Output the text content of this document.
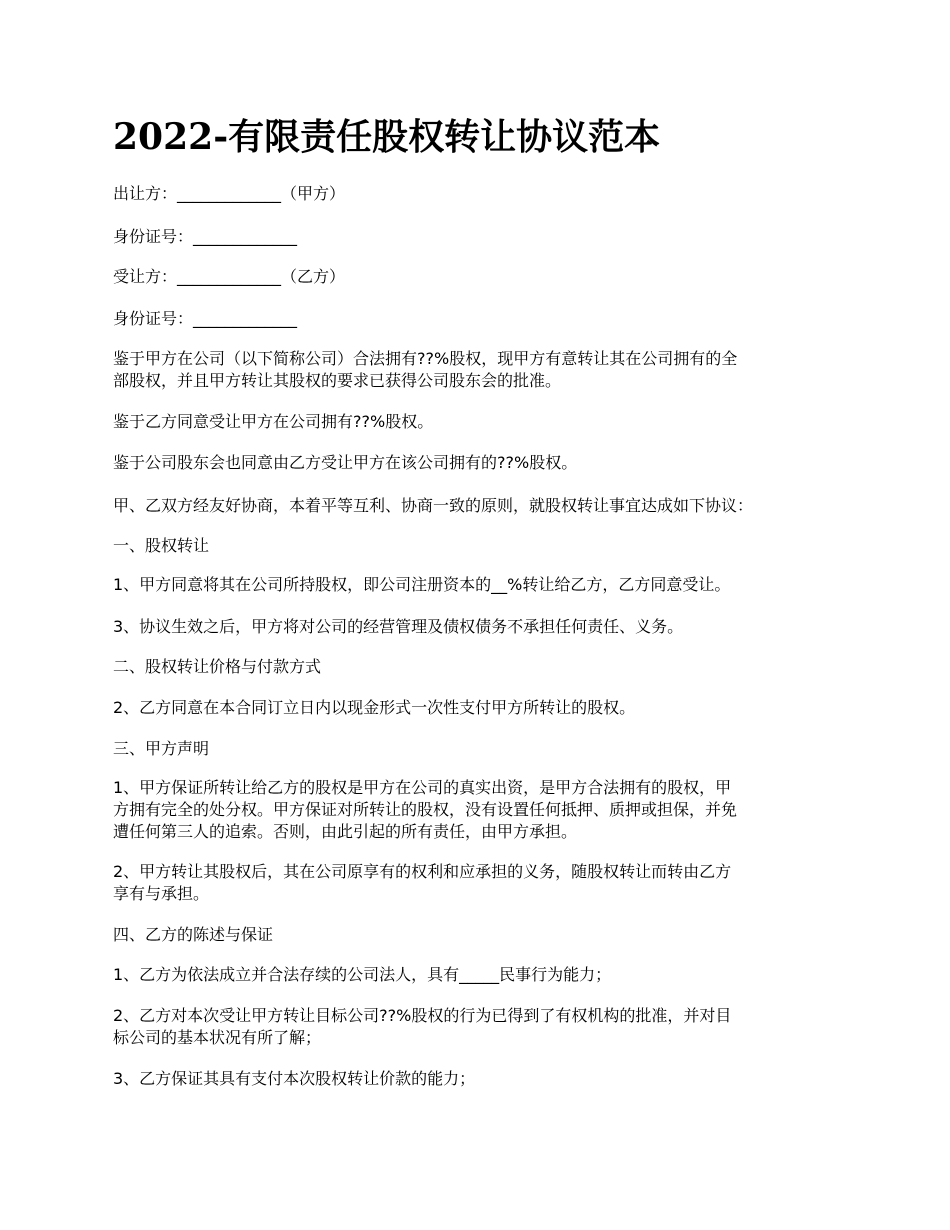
2022-有限责任股权转让协议范本

出让方：_____________（甲方）

身份证号：_____________

受让方：_____________（乙方）

身份证号：_____________

鉴于甲方在公司（以下简称公司）合法拥有??%股权，现甲方有意转让其在公司拥有的全
部股权，并且甲方转让其股权的要求已获得公司股东会的批准。

鉴于乙方同意受让甲方在公司拥有??%股权。

鉴于公司股东会也同意由乙方受让甲方在该公司拥有的??%股权。

甲、乙双方经友好协商，本着平等互利、协商一致的原则，就股权转让事宜达成如下协议：

一、股权转让

1、甲方同意将其在公司所持股权，即公司注册资本的__%转让给乙方，乙方同意受让。

3、协议生效之后，甲方将对公司的经营管理及债权债务不承担任何责任、义务。

二、股权转让价格与付款方式

2、乙方同意在本合同订立日内以现金形式一次性支付甲方所转让的股权。

三、甲方声明

1、甲方保证所转让给乙方的股权是甲方在公司的真实出资，是甲方合法拥有的股权，甲
方拥有完全的处分权。甲方保证对所转让的股权，没有设置任何抵押、质押或担保，并免
遭任何第三人的追索。否则，由此引起的所有责任，由甲方承担。

2、甲方转让其股权后，其在公司原享有的权利和应承担的义务，随股权转让而转由乙方
享有与承担。

四、乙方的陈述与保证

1、乙方为依法成立并合法存续的公司法人，具有_____民事行为能力；

2、乙方对本次受让甲方转让目标公司??%股权的行为已得到了有权机构的批准，并对目
标公司的基本状况有所了解；

3、乙方保证其具有支付本次股权转让价款的能力；
